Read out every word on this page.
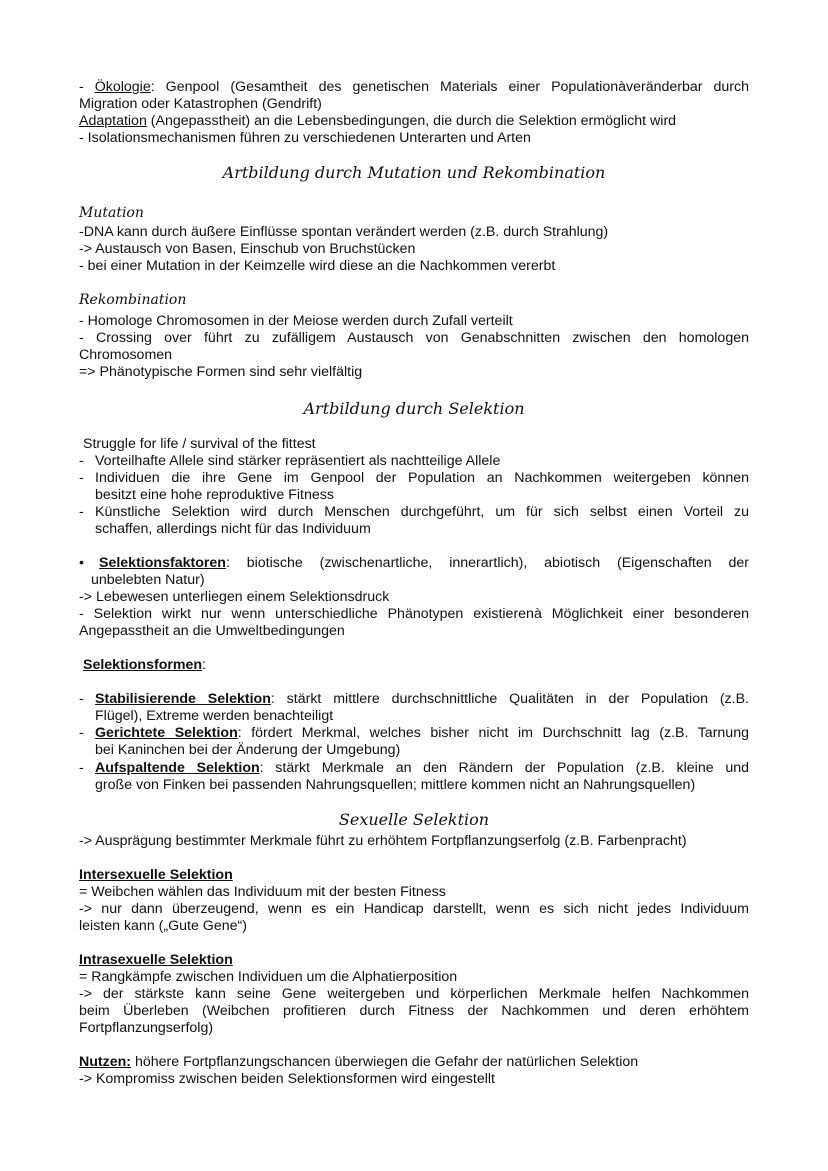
- Ökologie: Genpool (Gesamtheit des genetischen Materials einer Populationàveränderbar durch
Migration oder Katastrophen (Gendrift)
Adaptation (Angepasstheit) an die Lebensbedingungen, die durch die Selektion ermöglicht wird
- Isolationsmechanismen führen zu verschiedenen Unterarten und Arten
Artbildung durch Mutation und Rekombination
Mutation
-DNA kann durch äußere Einflüsse spontan verändert werden (z.B. durch Strahlung)
-> Austausch von Basen, Einschub von Bruchstücken
- bei einer Mutation in der Keimzelle wird diese an die Nachkommen vererbt
Rekombination
- Homologe Chromosomen in der Meiose werden durch Zufall verteilt
- Crossing over führt zu zufälligem Austausch von Genabschnitten zwischen den homologen
Chromosomen
=> Phänotypische Formen sind sehr vielfältig
Artbildung durch Selektion
Struggle for life / survival of the fittest
- Vorteilhafte Allele sind stärker repräsentiert als nachtteilige Allele
- Individuen die ihre Gene im Genpool der Population an Nachkommen weitergeben können
besitzt eine hohe reproduktive Fitness
- Künstliche Selektion wird durch Menschen durchgeführt, um für sich selbst einen Vorteil zu
schaffen, allerdings nicht für das Individuum
• Selektionsfaktoren: biotische (zwischenartliche, innerartlich), abiotisch (Eigenschaften der
unbelebten Natur)
-> Lebewesen unterliegen einem Selektionsdruck
- Selektion wirkt nur wenn unterschiedliche Phänotypen existierenà Möglichkeit einer besonderen
Angepasstheit an die Umweltbedingungen
Selektionsformen:
- Stabilisierende Selektion: stärkt mittlere durchschnittliche Qualitäten in der Population (z.B.
Flügel), Extreme werden benachteiligt
- Gerichtete Selektion: fördert Merkmal, welches bisher nicht im Durchschnitt lag (z.B. Tarnung
bei Kaninchen bei der Änderung der Umgebung)
- Aufspaltende Selektion: stärkt Merkmale an den Rändern der Population (z.B. kleine und
große von Finken bei passenden Nahrungsquellen; mittlere kommen nicht an Nahrungsquellen)
Sexuelle Selektion
-> Ausprägung bestimmter Merkmale führt zu erhöhtem Fortpflanzungserfolg (z.B. Farbenpracht)
Intersexuelle Selektion
= Weibchen wählen das Individuum mit der besten Fitness
-> nur dann überzeugend, wenn es ein Handicap darstellt, wenn es sich nicht jedes Individuum
leisten kann („Gute Gene“)
Intrasexuelle Selektion
= Rangkämpfe zwischen Individuen um die Alphatierposition
-> der stärkste kann seine Gene weitergeben und körperlichen Merkmale helfen Nachkommen
beim Überleben (Weibchen profitieren durch Fitness der Nachkommen und deren erhöhtem
Fortpflanzungserfolg)
Nutzen: höhere Fortpflanzungschancen überwiegen die Gefahr der natürlichen Selektion
-> Kompromiss zwischen beiden Selektionsformen wird eingestellt
